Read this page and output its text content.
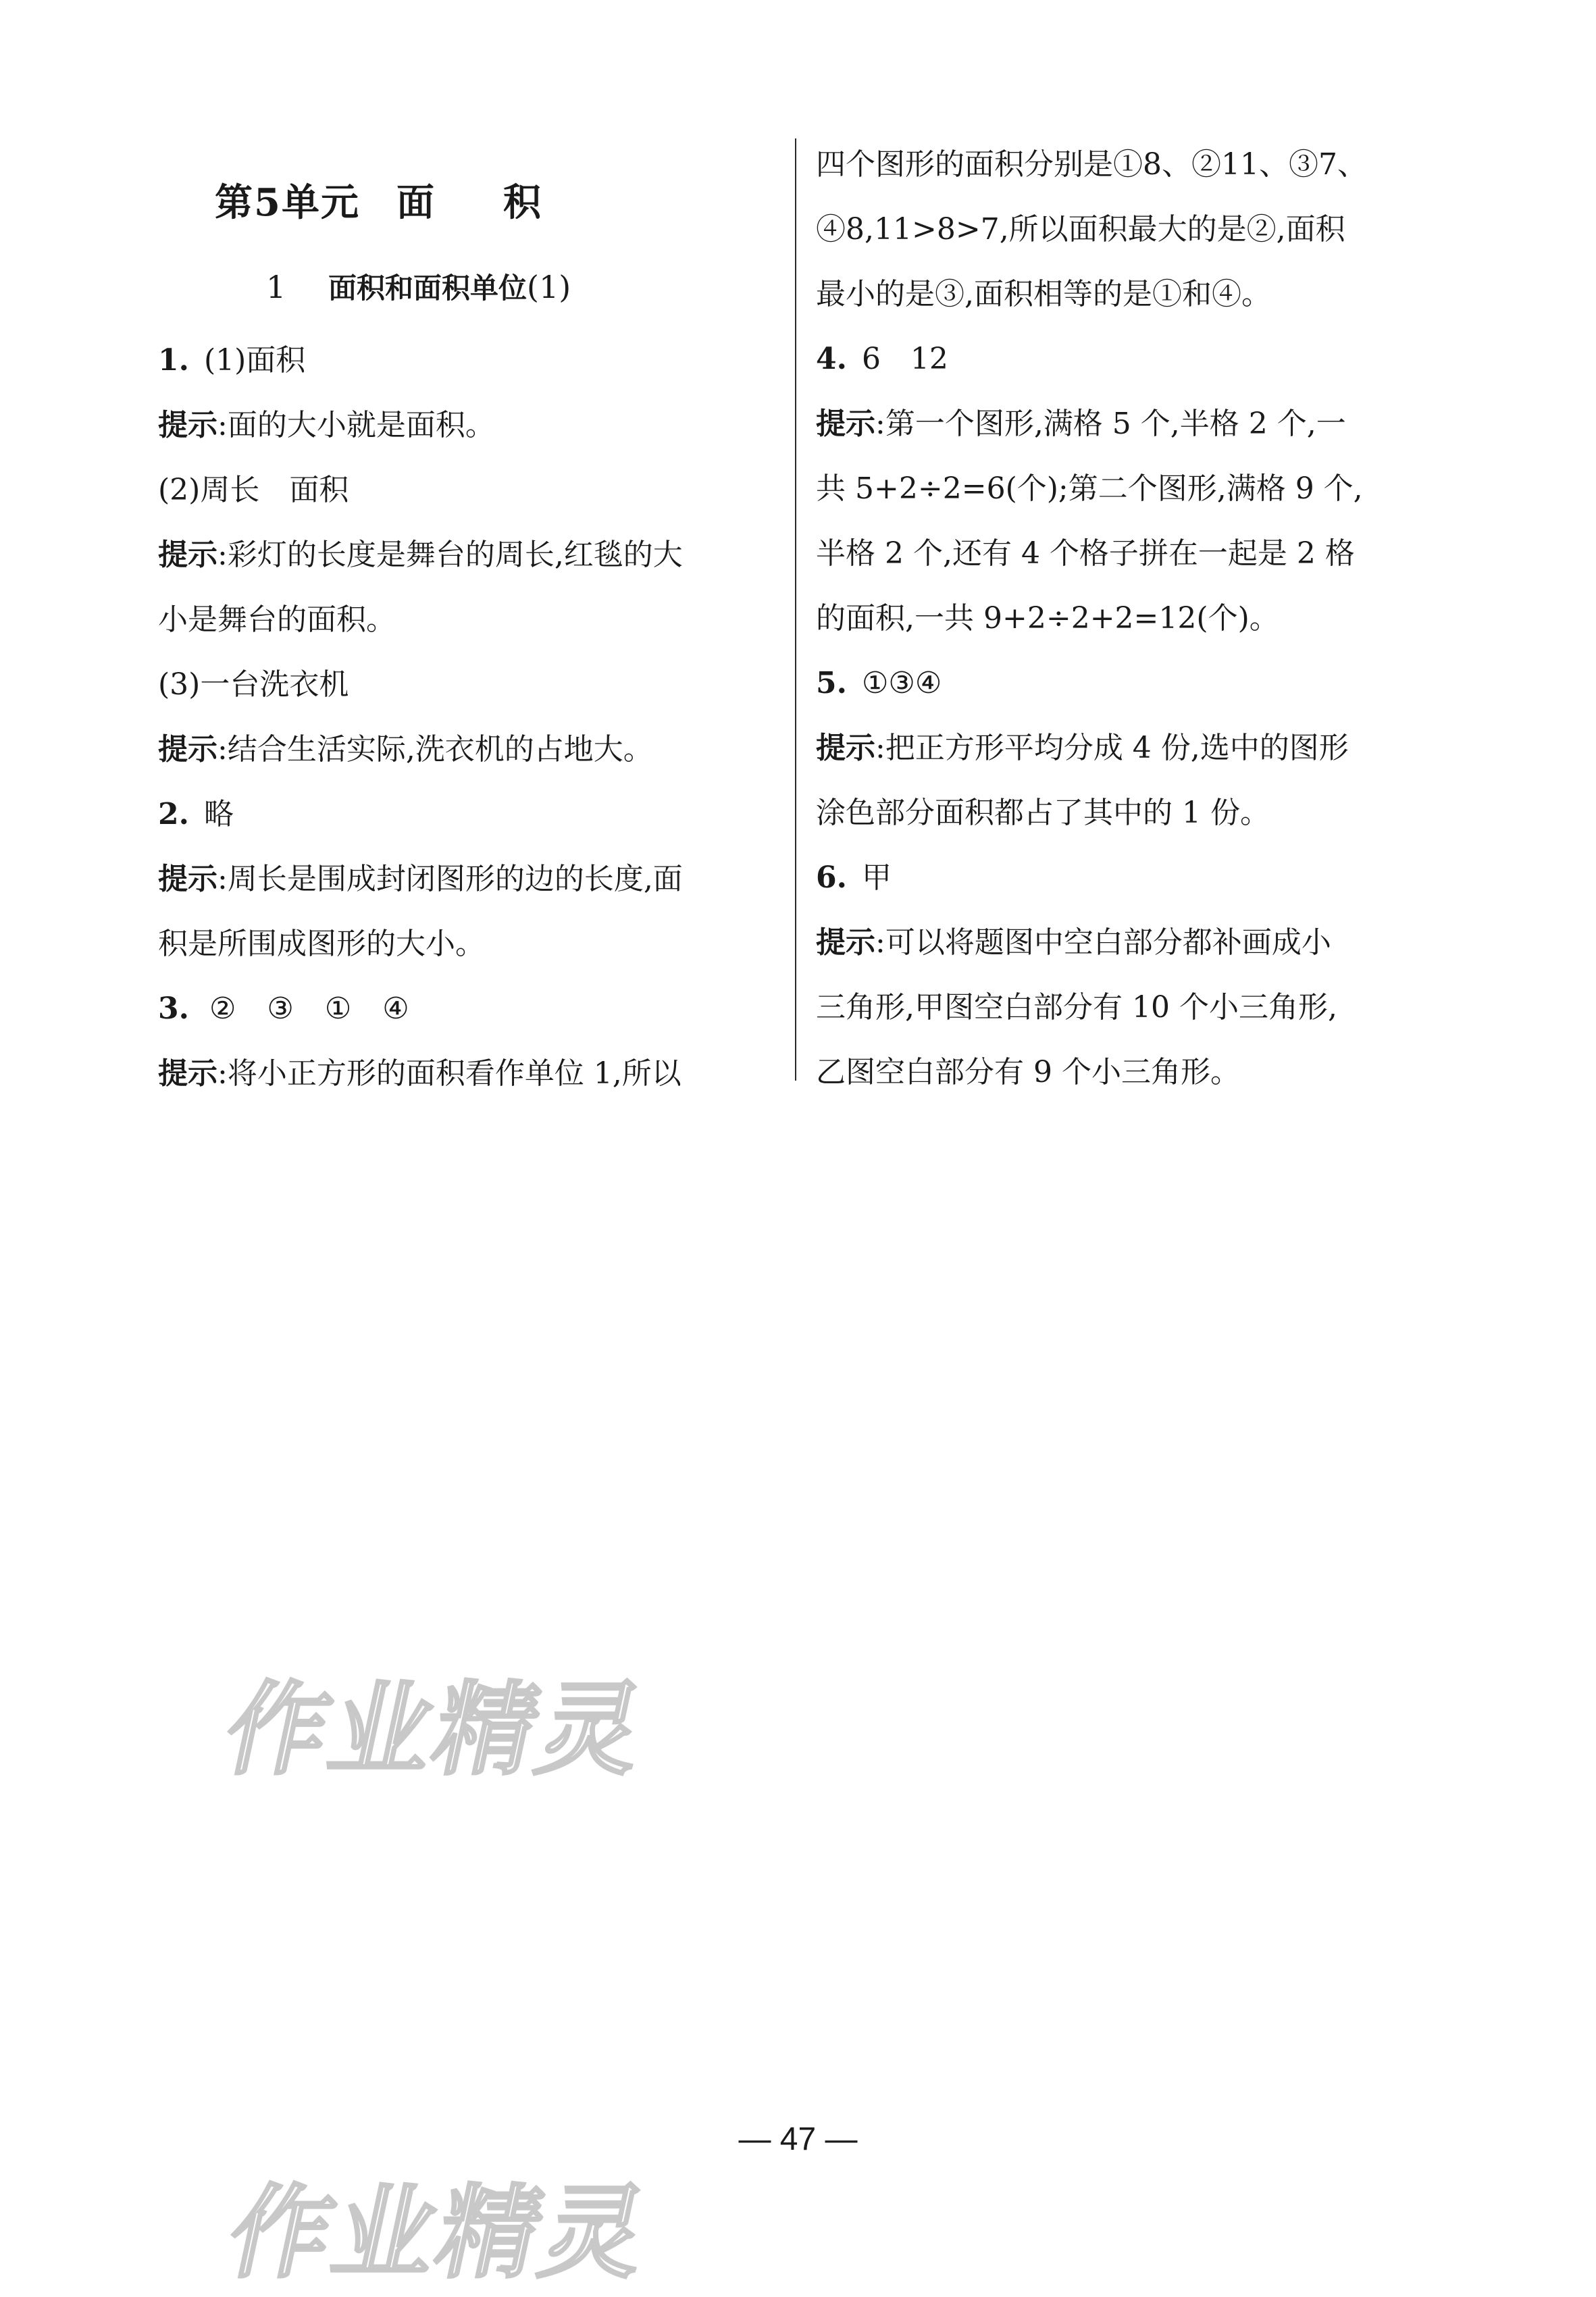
第5单元 面 积
1 面积和面积单位(1)
1. (1)面积
提示:面的大小就是面积。
(2)周长　面积
提示:彩灯的长度是舞台的周长,红毯的大
小是舞台的面积。
(3)一台洗衣机
提示:结合生活实际,洗衣机的占地大。
2. 略
提示:周长是围成封闭图形的边的长度,面
积是所围成图形的大小。
3. ② ③ ① ④
提示:将小正方形的面积看作单位 1,所以
四个图形的面积分别是①8、②11、③7、
④8,11>8>7,所以面积最大的是②,面积
最小的是③,面积相等的是①和④。
4. 6　12
提示:第一个图形,满格 5 个,半格 2 个,一
共 5+2÷2=6(个);第二个图形,满格 9 个,
半格 2 个,还有 4 个格子拼在一起是 2 格
的面积,一共 9+2÷2+2=12(个)。
5. ①③④
提示:把正方形平均分成 4 份,选中的图形
涂色部分面积都占了其中的 1 份。
6. 甲
提示:可以将题图中空白部分都补画成小
三角形,甲图空白部分有 10 个小三角形,
乙图空白部分有 9 个小三角形。
作业精灵
— 47 —
作业精灵
